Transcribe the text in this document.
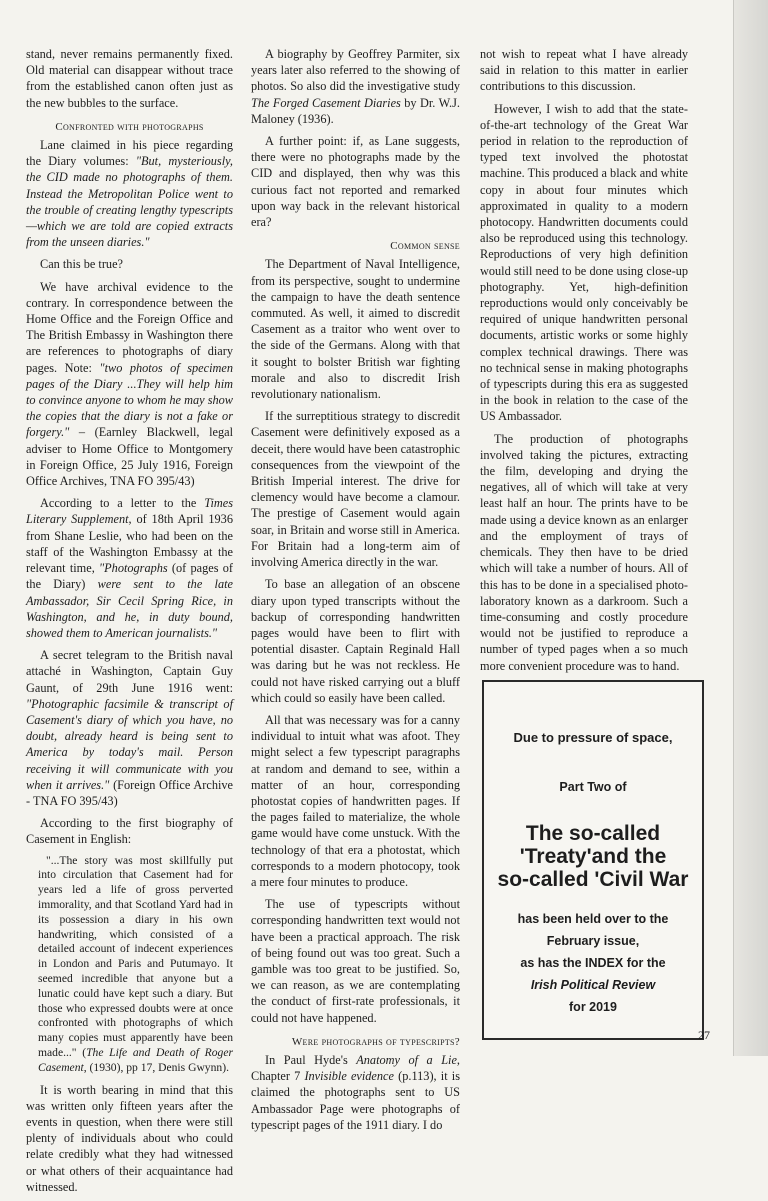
stand, never remains permanently fixed. Old material can disappear without trace from the established canon often just as the new bubbles to the surface.

Confronted with photographs

Lane claimed in his piece regarding the Diary volumes: "But, mysteriously, the CID made no photographs of them. Instead the Metropolitan Police went to the trouble of creating lengthy typescripts—which we are told are copied extracts from the unseen diaries."

Can this be true?

We have archival evidence to the contrary. In correspondence between the Home Office and the Foreign Office and The British Embassy in Washington there are references to photographs of diary pages. Note: "two photos of specimen pages of the Diary ...They will help him to convince anyone to whom he may show the copies that the diary is not a fake or forgery." – (Earnley Blackwell, legal adviser to Home Office to Montgomery in Foreign Office, 25 July 1916, Foreign Office Archives, TNA FO 395/43)

According to a letter to the Times Literary Supplement, of 18th April 1936 from Shane Leslie, who had been on the staff of the Washington Embassy at the relevant time, "Photographs (of pages of the Diary) were sent to the late Ambassador, Sir Cecil Spring Rice, in Washington, and he, in duty bound, showed them to American journalists."

A secret telegram to the British naval attaché in Washington, Captain Guy Gaunt, of 29th June 1916 went: "Photographic facsimile & transcript of Casement's diary of which you have, no doubt, already heard is being sent to America by today's mail. Person receiving it will communicate with you when it arrives." (Foreign Office Archive - TNA FO 395/43)

According to the first biography of Casement in English:

"...The story was most skillfully put into circulation that Casement had for years led a life of gross perverted immorality, and that Scotland Yard had in its possession a diary in his own handwriting, which consisted of a detailed account of indecent experiences in London and Paris and Putumayo. It seemed incredible that anyone but a lunatic could have kept such a diary. But those who expressed doubts were at once confronted with photographs of which many copies must apparently have been made..." (The Life and Death of Roger Casement, (1930), pp 17, Denis Gwynn).

It is worth bearing in mind that this was written only fifteen years after the events in question, when there were still plenty of individuals about who could relate credibly what they had witnessed or what others of their acquaintance had witnessed.

A biography by Geoffrey Parmiter, six years later also referred to the showing of photos. So also did the investigative study The Forged Casement Diaries by Dr. W.J. Maloney (1936).

A further point: if, as Lane suggests, there were no photographs made by the CID and displayed, then why was this curious fact not reported and remarked upon way back in the relevant historical era?

Common sense

The Department of Naval Intelligence, from its perspective, sought to undermine the campaign to have the death sentence commuted. As well, it aimed to discredit Casement as a traitor who went over to the side of the Germans. Along with that it sought to bolster British war fighting morale and also to discredit Irish revolutionary nationalism.

If the surreptitious strategy to discredit Casement were definitively exposed as a deceit, there would have been catastrophic consequences from the viewpoint of the British Imperial interest. The drive for clemency would have become a clamour. The prestige of Casement would again soar, in Britain and worse still in America. For Britain had a long-term aim of involving America directly in the war.

To base an allegation of an obscene diary upon typed transcripts without the backup of corresponding handwritten pages would have been to flirt with potential disaster. Captain Reginald Hall was daring but he was not reckless. He could not have risked carrying out a bluff which could so easily have been called.

All that was necessary was for a canny individual to intuit what was afoot. They might select a few typescript paragraphs at random and demand to see, within a matter of an hour, corresponding photostat copies of handwritten pages. If the pages failed to materialize, the whole game would have come unstuck. With the technology of that era a photostat, which corresponds to a modern photocopy, took a mere four minutes to produce.

The use of typescripts without corresponding handwritten text would not have been a practical approach. The risk of being found out was too great. Such a gamble was too great to be justified. So, we can reason, as we are contemplating the conduct of first-rate professionals, it could not have happened.

Were photographs of typescripts?

In Paul Hyde's Anatomy of a Lie, Chapter 7 Invisible evidence (p.113), it is claimed the photographs sent to US Ambassador Page were photographs of typescript pages of the 1911 diary. I do

not wish to repeat what I have already said in relation to this matter in earlier contributions to this discussion.

However, I wish to add that the state-of-the-art technology of the Great War period in relation to the reproduction of typed text involved the photostat machine. This produced a black and white copy in about four minutes which approximated in quality to a modern photocopy. Handwritten documents could also be reproduced using this technology. Reproductions of very high definition would still need to be done using close-up photography. Yet, high-definition reproductions would only conceivably be required of unique handwritten personal documents, artistic works or some highly complex technical drawings. There was no technical sense in making photographs of typescripts during this era as suggested in the book in relation to the case of the US Ambassador.

The production of photographs involved taking the pictures, extracting the film, developing and drying the negatives, all of which will take at very least half an hour. The prints have to be made using a device known as an enlarger and the employment of trays of chemicals. They then have to be dried which will take a number of hours. All of this has to be done in a specialised photo-laboratory known as a darkroom. Such a time-consuming and costly procedure would not be justified to reproduce a number of typed pages when a so much more convenient procedure was to hand.

Due to pressure of space,
Part Two of
The so-called
'Treaty'and the
so-called 'Civil War
has been held over to the
February issue,
as has the INDEX for the
Irish Political Review
for 2019
27
